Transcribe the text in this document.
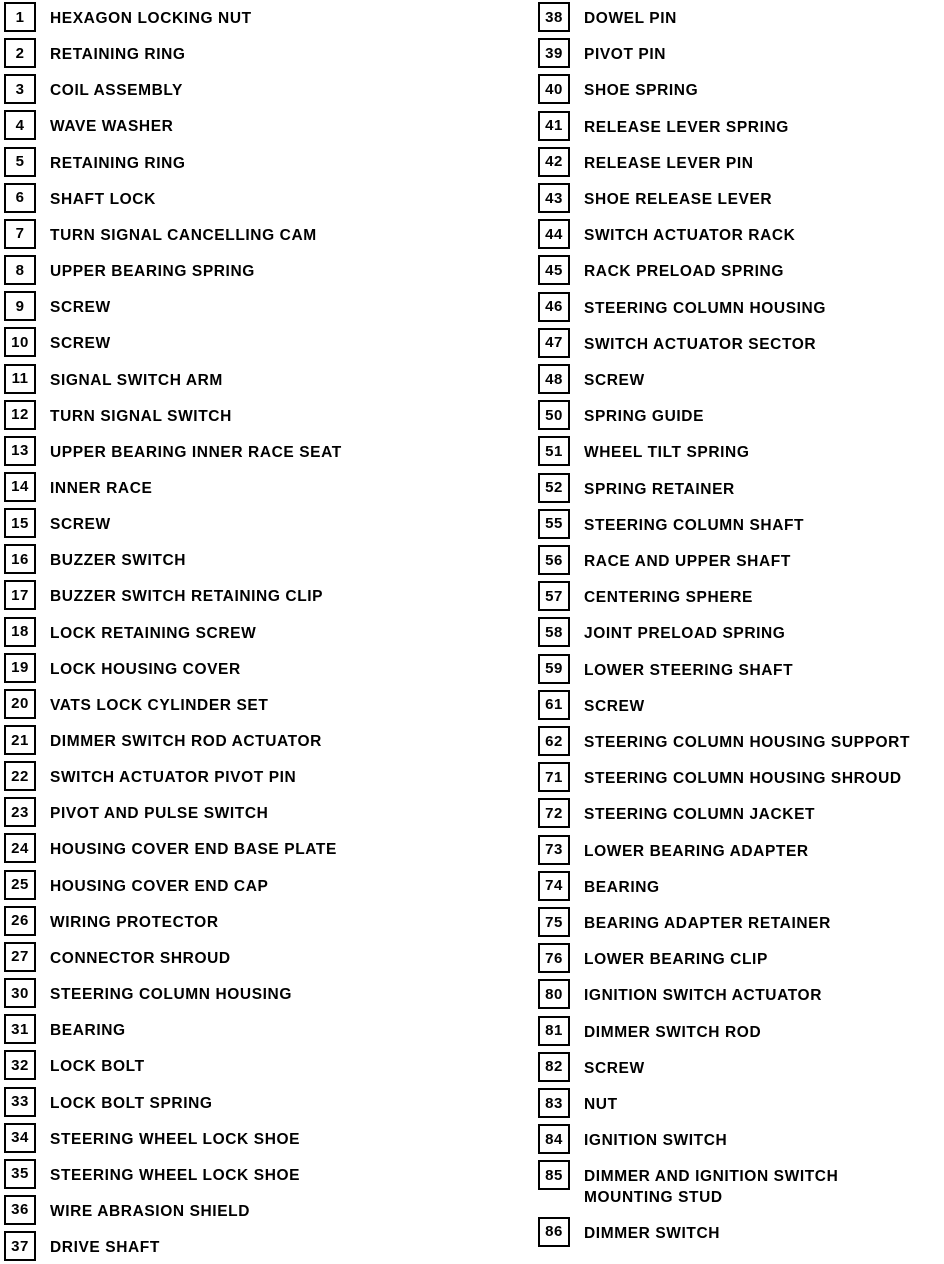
1	HEXAGON LOCKING NUT
2	RETAINING RING
3	COIL ASSEMBLY
4	WAVE WASHER
5	RETAINING RING
6	SHAFT LOCK
7	TURN SIGNAL CANCELLING CAM
8	UPPER BEARING SPRING
9	SCREW
10	SCREW
11	SIGNAL SWITCH ARM
12	TURN SIGNAL SWITCH
13	UPPER BEARING INNER RACE SEAT
14	INNER RACE
15	SCREW
16	BUZZER SWITCH
17	BUZZER SWITCH RETAINING CLIP
18	LOCK RETAINING SCREW
19	LOCK HOUSING COVER
20	VATS LOCK CYLINDER SET
21	DIMMER SWITCH ROD ACTUATOR
22	SWITCH ACTUATOR PIVOT PIN
23	PIVOT AND PULSE SWITCH
24	HOUSING COVER END BASE PLATE
25	HOUSING COVER END CAP
26	WIRING PROTECTOR
27	CONNECTOR SHROUD
30	STEERING COLUMN HOUSING
31	BEARING
32	LOCK BOLT
33	LOCK BOLT SPRING
34	STEERING WHEEL LOCK SHOE
35	STEERING WHEEL LOCK SHOE
36	WIRE ABRASION SHIELD
37	DRIVE SHAFT
38	DOWEL PIN
39	PIVOT PIN
40	SHOE SPRING
41	RELEASE LEVER SPRING
42	RELEASE LEVER PIN
43	SHOE RELEASE LEVER
44	SWITCH ACTUATOR RACK
45	RACK PRELOAD SPRING
46	STEERING COLUMN HOUSING
47	SWITCH ACTUATOR SECTOR
48	SCREW
50	SPRING GUIDE
51	WHEEL TILT SPRING
52	SPRING RETAINER
55	STEERING COLUMN SHAFT
56	RACE AND UPPER SHAFT
57	CENTERING SPHERE
58	JOINT PRELOAD SPRING
59	LOWER STEERING SHAFT
61	SCREW
62	STEERING COLUMN HOUSING SUPPORT
71	STEERING COLUMN HOUSING SHROUD
72	STEERING COLUMN JACKET
73	LOWER BEARING ADAPTER
74	BEARING
75	BEARING ADAPTER RETAINER
76	LOWER BEARING CLIP
80	IGNITION SWITCH ACTUATOR
81	DIMMER SWITCH ROD
82	SCREW
83	NUT
84	IGNITION SWITCH
85	DIMMER AND IGNITION SWITCH MOUNTING STUD
86	DIMMER SWITCH
